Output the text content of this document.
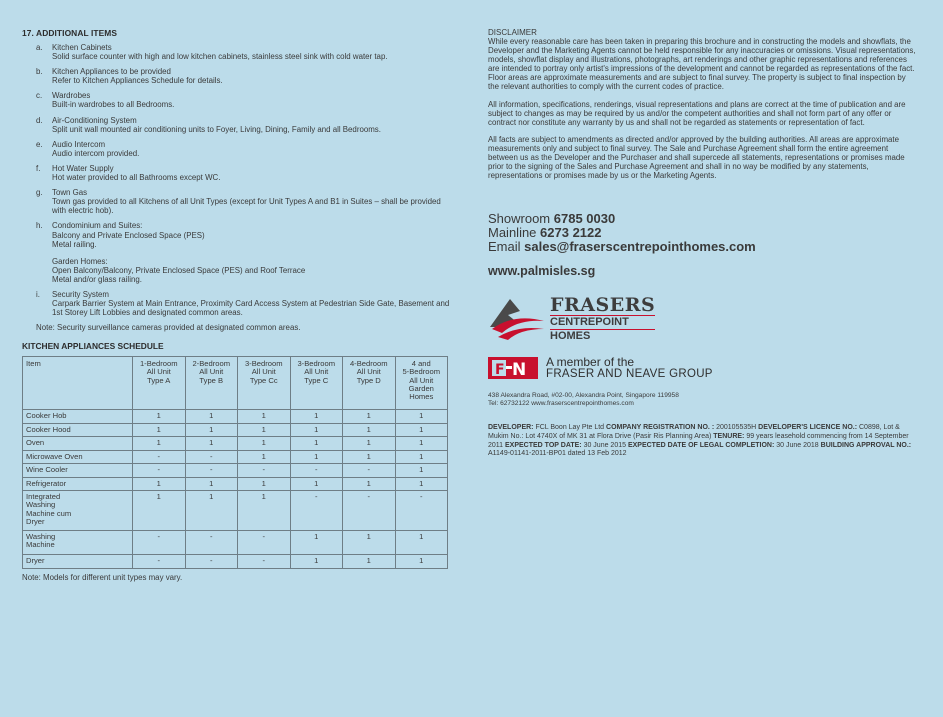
17. ADDITIONAL ITEMS
a.	Kitchen Cabinets
Solid surface counter with high and low kitchen cabinets, stainless steel sink with cold water tap.
b.	Kitchen Appliances to be provided
Refer to Kitchen Appliances Schedule for details.
c.	Wardrobes
Built-in wardrobes to all Bedrooms.
d.	Air-Conditioning System
Split unit wall mounted air conditioning units to Foyer, Living, Dining, Family and all Bedrooms.
e.	Audio Intercom
Audio intercom provided.
f.	Hot Water Supply
Hot water provided to all Bathrooms except WC.
g.	Town Gas
Town gas provided to all Kitchens of all Unit Types (except for Unit Types A and B1 in Suites – shall be provided with electric hob).
h.	Condominium and Suites:
Balcony and Private Enclosed Space (PES)
Metal railing.
Garden Homes:
Open Balcony/Balcony, Private Enclosed Space (PES) and Roof Terrace
Metal and/or glass railing.
i.	Security System
Carpark Barrier System at Main Entrance, Proximity Card Access System at Pedestrian Side Gate, Basement and 1st Storey Lift Lobbies and designated common areas.
Note: Security surveillance cameras provided at designated common areas.
KITCHEN APPLIANCES SCHEDULE
Item	1-Bedroom
All Unit
Type A	2-Bedroom
All Unit
Type B	3-Bedroom
All Unit
Type Cc	3-Bedroom
All Unit
Type C	4-Bedroom
All Unit
Type D	4 and
5-Bedroom
All Unit
Garden
Homes
Cooker Hob	1	1	1	1	1	1
Cooker Hood	1	1	1	1	1	1
Oven	1	1	1	1	1	1
Microwave Oven	-	-	1	1	1	1
Wine Cooler	-	-	-	-	-	1
Refrigerator	1	1	1	1	1	1
Integrated
Washing
Machine cum
Dryer	1	1	1	-	-	-
Washing
Machine	-	-	-	1	1	1
Dryer	-	-	-	1	1	1
Note: Models for different unit types may vary.
DISCLAIMER

While every reasonable care has been taken in preparing this brochure and in constructing the models and showflats, the Developer and the Marketing Agents cannot be held responsible for any inaccuracies or omissions. Visual representations, models, showflat display and illustrations, photographs, art renderings and other graphic representations and references are intended to portray only artist's impressions of the development and cannot be regarded as representations of the fact. Floor areas are approximate measurements and are subject to final survey. The property is subject to final inspection by the relevant authorities to comply with the current codes of practice.

All information, specifications, renderings, visual representations and plans are correct at the time of publication and are subject to changes as may be required by us and/or the competent authorities and shall not form part of any offer or contract nor constitute any warranty by us and shall not be regarded as statements or representation of fact.

All facts are subject to amendments as directed and/or approved by the building authorities. All areas are approximate measurements only and subject to final survey. The Sale and Purchase Agreement shall form the entire agreement between us as the Developer and the Purchaser and shall supercede all statements, representations or promises made prior to the signing of the Sales and Purchase Agreement and shall in no way be modified by any statements, representations or promises made by us or the Marketing Agents.

Showroom 6785 0030
Mainline 6273 2122
Email sales@fraserscentrepointhomes.com
www.palmisles.sg
FRASERS
CENTREPOINT
HOMES
F N A member of the
FRASER AND NEAVE GROUP
438 Alexandra Road, #02-00, Alexandra Point, Singapore 119958
Tel: 62732122 www.fraserscentrepointhomes.com
DEVELOPER: FCL Boon Lay Pte Ltd COMPANY REGISTRATION NO. : 200105535H DEVELOPER'S LICENCE NO.: C0898, Lot & Mukim No.: Lot 4740X of MK 31 at Flora Drive (Pasir Ris Planning Area) TENURE: 99 years leasehold commencing from 14 September 2011 EXPECTED TOP DATE: 30 June 2015 EXPECTED DATE OF LEGAL COMPLETION: 30 June 2018 BUILDING APPROVAL NO.: A1149-01141-2011-BP01 dated 13 Feb 2012
